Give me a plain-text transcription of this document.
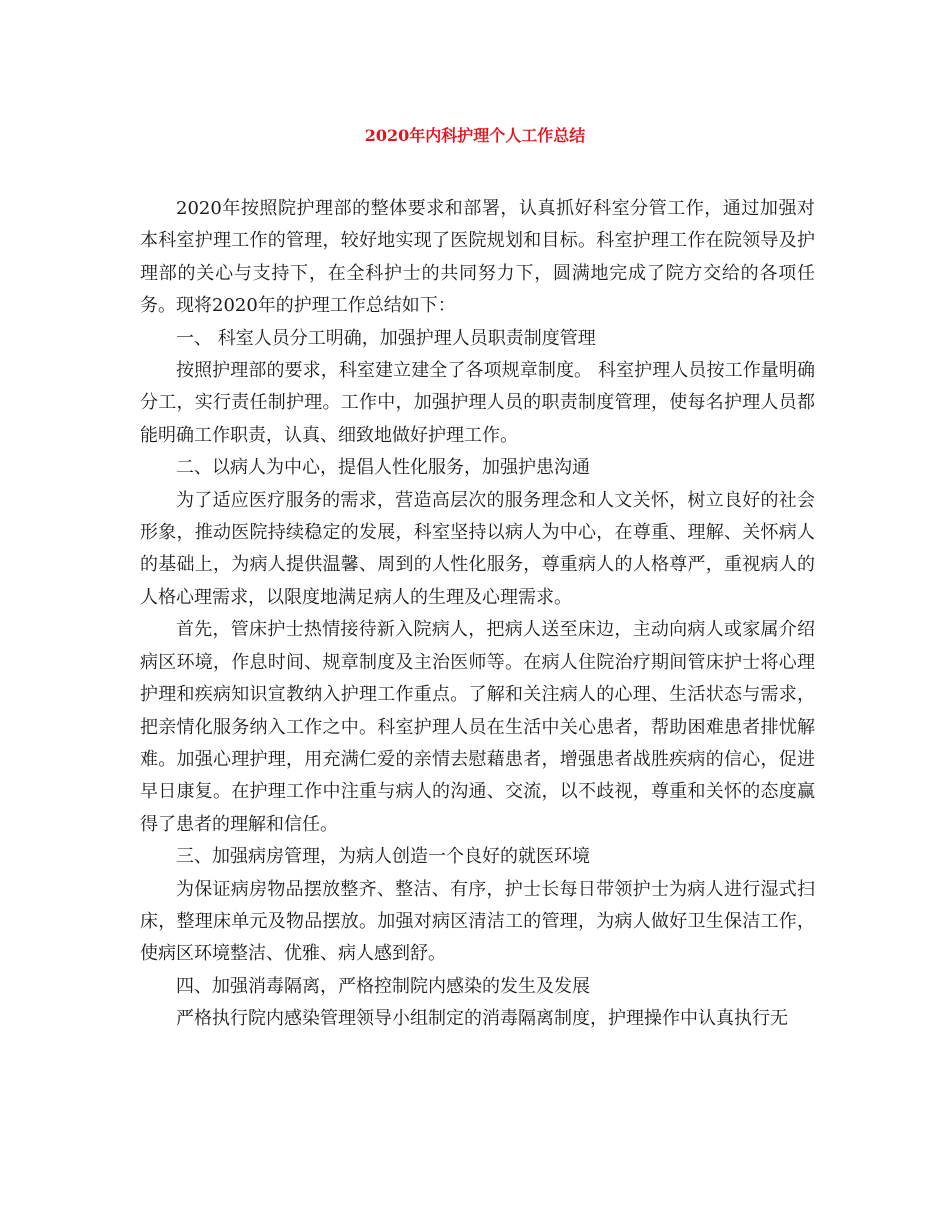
2020年内科护理个人工作总结

2020年按照院护理部的整体要求和部署，认真抓好科室分管工作，通过加强对本科室护理工作的管理，较好地实现了医院规划和目标。科室护理工作在院领导及护理部的关心与支持下，在全科护士的共同努力下，圆满地完成了院方交给的各项任务。现将2020年的护理工作总结如下：

一、 科室人员分工明确，加强护理人员职责制度管理

按照护理部的要求，科室建立建全了各项规章制度。 科室护理人员按工作量明确分工，实行责任制护理。工作中，加强护理人员的职责制度管理，使每名护理人员都能明确工作职责，认真、细致地做好护理工作。

二、以病人为中心，提倡人性化服务，加强护患沟通

为了适应医疗服务的需求，营造高层次的服务理念和人文关怀，树立良好的社会形象，推动医院持续稳定的发展，科室坚持以病人为中心，在尊重、理解、关怀病人的基础上，为病人提供温馨、周到的人性化服务，尊重病人的人格尊严，重视病人的人格心理需求，以限度地满足病人的生理及心理需求。

首先，管床护士热情接待新入院病人，把病人送至床边，主动向病人或家属介绍病区环境，作息时间、规章制度及主治医师等。在病人住院治疗期间管床护士将心理护理和疾病知识宣教纳入护理工作重点。了解和关注病人的心理、生活状态与需求，把亲情化服务纳入工作之中。科室护理人员在生活中关心患者，帮助困难患者排忧解难。加强心理护理，用充满仁爱的亲情去慰藉患者，增强患者战胜疾病的信心，促进早日康复。在护理工作中注重与病人的沟通、交流，以不歧视，尊重和关怀的态度赢得了患者的理解和信任。

三、加强病房管理，为病人创造一个良好的就医环境

为保证病房物品摆放整齐、整洁、有序，护士长每日带领护士为病人进行湿式扫床，整理床单元及物品摆放。加强对病区清洁工的管理，为病人做好卫生保洁工作，使病区环境整洁、优雅、病人感到舒。

四、加强消毒隔离，严格控制院内感染的发生及发展

严格执行院内感染管理领导小组制定的消毒隔离制度，护理操作中认真执行无
